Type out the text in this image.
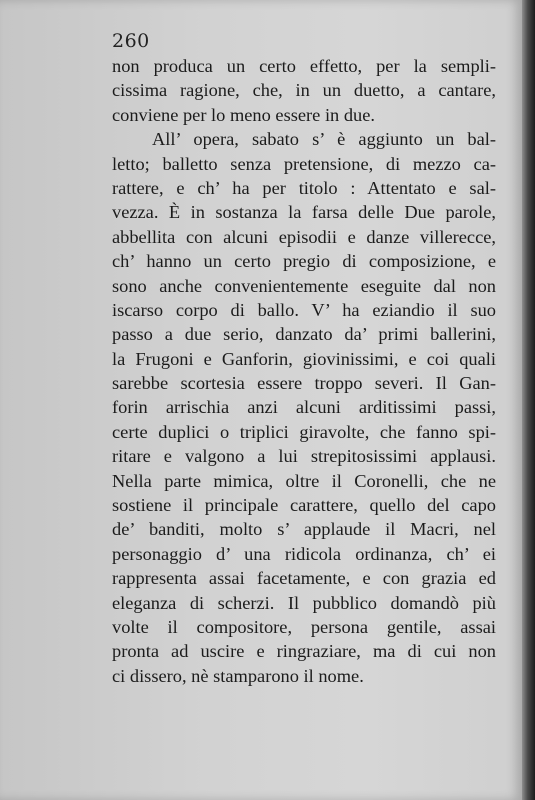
260
non produca un certo effetto, per la sempli-
cissima ragione, che, in un duetto, a cantare,
conviene per lo meno essere in due.
All’ opera, sabato s’ è aggiunto un bal-
letto; balletto senza pretensione, di mezzo ca-
rattere, e ch’ ha per titolo : Attentato e sal-
vezza. È in sostanza la farsa delle Due parole,
abbellita con alcuni episodii e danze villerecce,
ch’ hanno un certo pregio di composizione, e
sono anche convenientemente eseguite dal non
iscarso corpo di ballo. V’ ha eziandio il suo
passo a due serio, danzato da’ primi ballerini,
la Frugoni e Ganforin, giovinissimi, e coi quali
sarebbe scortesia essere troppo severi. Il Gan-
forin arrischia anzi alcuni arditissimi passi,
certe duplici o triplici giravolte, che fanno spi-
ritare e valgono a lui strepitosissimi applausi.
Nella parte mimica, oltre il Coronelli, che ne
sostiene il principale carattere, quello del capo
de’ banditi, molto s’ applaude il Macri, nel
personaggio d’ una ridicola ordinanza, ch’ ei
rappresenta assai facetamente, e con grazia ed
eleganza di scherzi. Il pubblico domandò più
volte il compositore, persona gentile, assai
pronta ad uscire e ringraziare, ma di cui non
ci dissero, nè stamparono il nome.
